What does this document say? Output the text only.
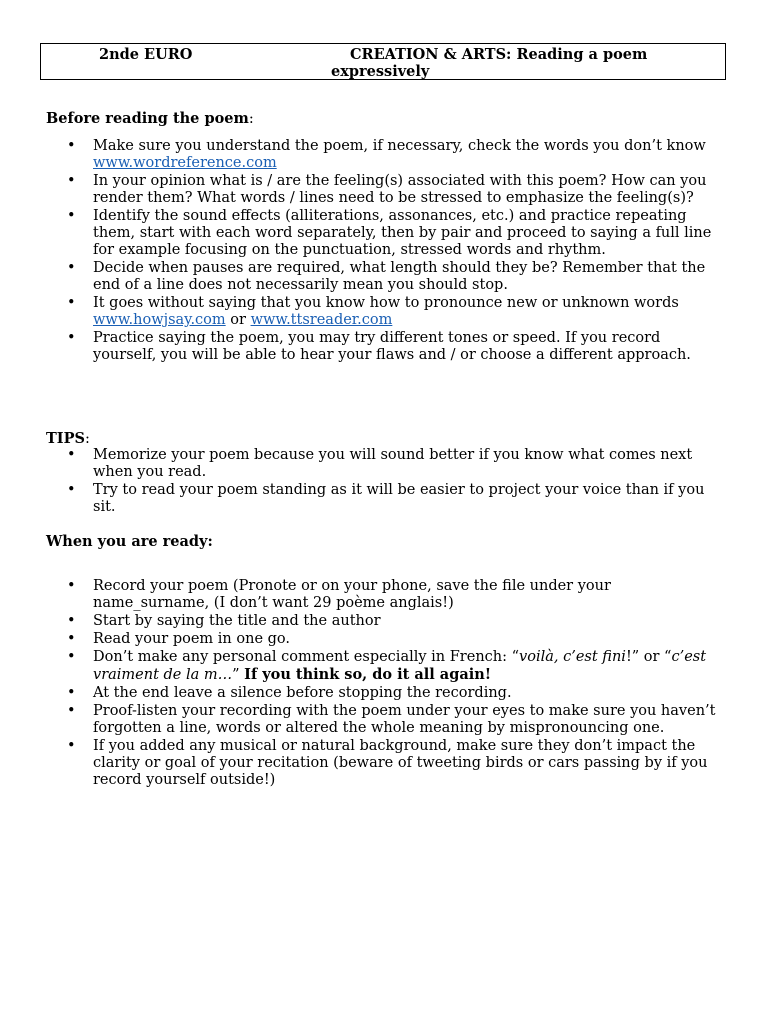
2nde EURO	CREATION & ARTS: Reading a poem
expressively
Before reading the poem:
• Make sure you understand the poem, if necessary, check the words you don’t know www.wordreference.com
• In your opinion what is / are the feeling(s) associated with this poem? How can you render them? What words / lines need to be stressed to emphasize the feeling(s)?
• Identify the sound effects (alliterations, assonances, etc.) and practice repeating them, start with each word separately, then by pair and proceed to saying a full line for example focusing on the punctuation, stressed words and rhythm.
• Decide when pauses are required, what length should they be? Remember that the end of a line does not necessarily mean you should stop.
• It goes without saying that you know how to pronounce new or unknown words www.howjsay.com or www.ttsreader.com
• Practice saying the poem, you may try different tones or speed. If you record yourself, you will be able to hear your flaws and / or choose a different approach.
TIPS:
• Memorize your poem because you will sound better if you know what comes next when you read.
• Try to read your poem standing as it will be easier to project your voice than if you sit.
When you are ready:
• Record your poem (Pronote or on your phone, save the file under your name_surname, (I don’t want 29 poème anglais!)
• Start by saying the title and the author
• Read your poem in one go.
• Don’t make any personal comment especially in French: “voilà, c’est fini!” or “c’est vraiment de la m…” If you think so, do it all again!
• At the end leave a silence before stopping the recording.
• Proof-listen your recording with the poem under your eyes to make sure you haven’t forgotten a line, words or altered the whole meaning by mispronouncing one.
• If you added any musical or natural background, make sure they don’t impact the clarity or goal of your recitation (beware of tweeting birds or cars passing by if you record yourself outside!)
